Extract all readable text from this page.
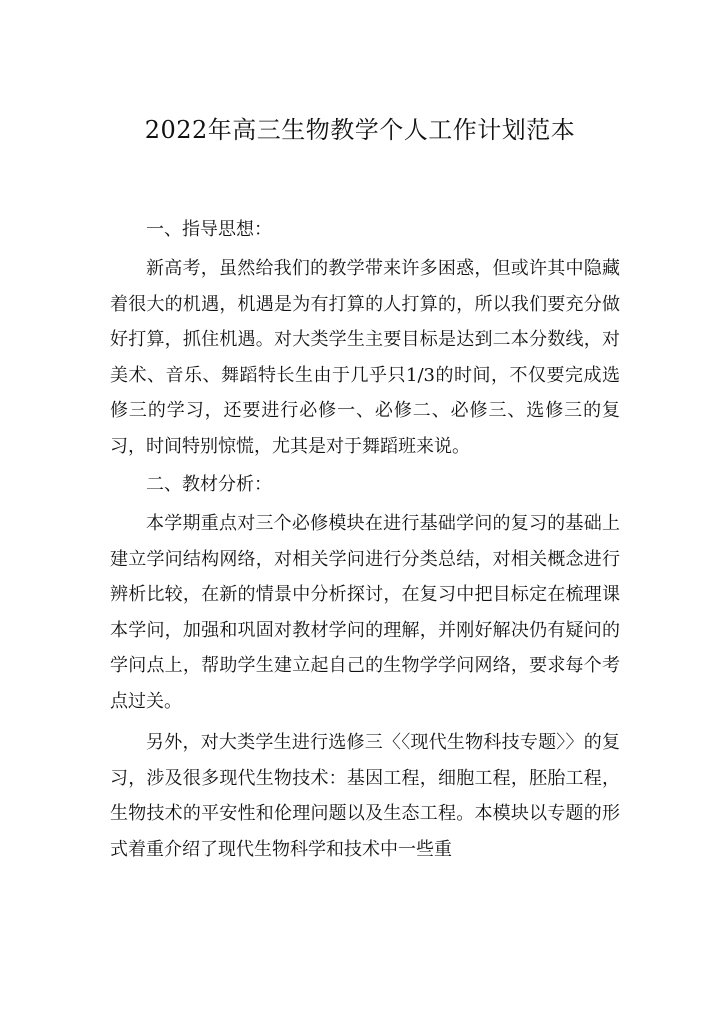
2022年高三生物教学个人工作计划范本

一、指导思想：

新高考，虽然给我们的教学带来许多困惑，但或许其中隐藏着很大的机遇，机遇是为有打算的人打算的，所以我们要充分做好打算，抓住机遇。对大类学生主要目标是达到二本分数线，对美术、音乐、舞蹈特长生由于几乎只1/3的时间，不仅要完成选修三的学习，还要进行必修一、必修二、必修三、选修三的复习，时间特别惊慌，尤其是对于舞蹈班来说。

二、教材分析：

本学期重点对三个必修模块在进行基础学问的复习的基础上建立学问结构网络，对相关学问进行分类总结，对相关概念进行辨析比较，在新的情景中分析探讨，在复习中把目标定在梳理课本学问，加强和巩固对教材学问的理解，并刚好解决仍有疑问的学问点上，帮助学生建立起自己的生物学学问网络，要求每个考点过关。

另外，对大类学生进行选修三〈〈现代生物科技专题〉〉的复习，涉及很多现代生物技术：基因工程，细胞工程，胚胎工程，生物技术的平安性和伦理问题以及生态工程。本模块以专题的形式着重介绍了现代生物科学和技术中一些重
